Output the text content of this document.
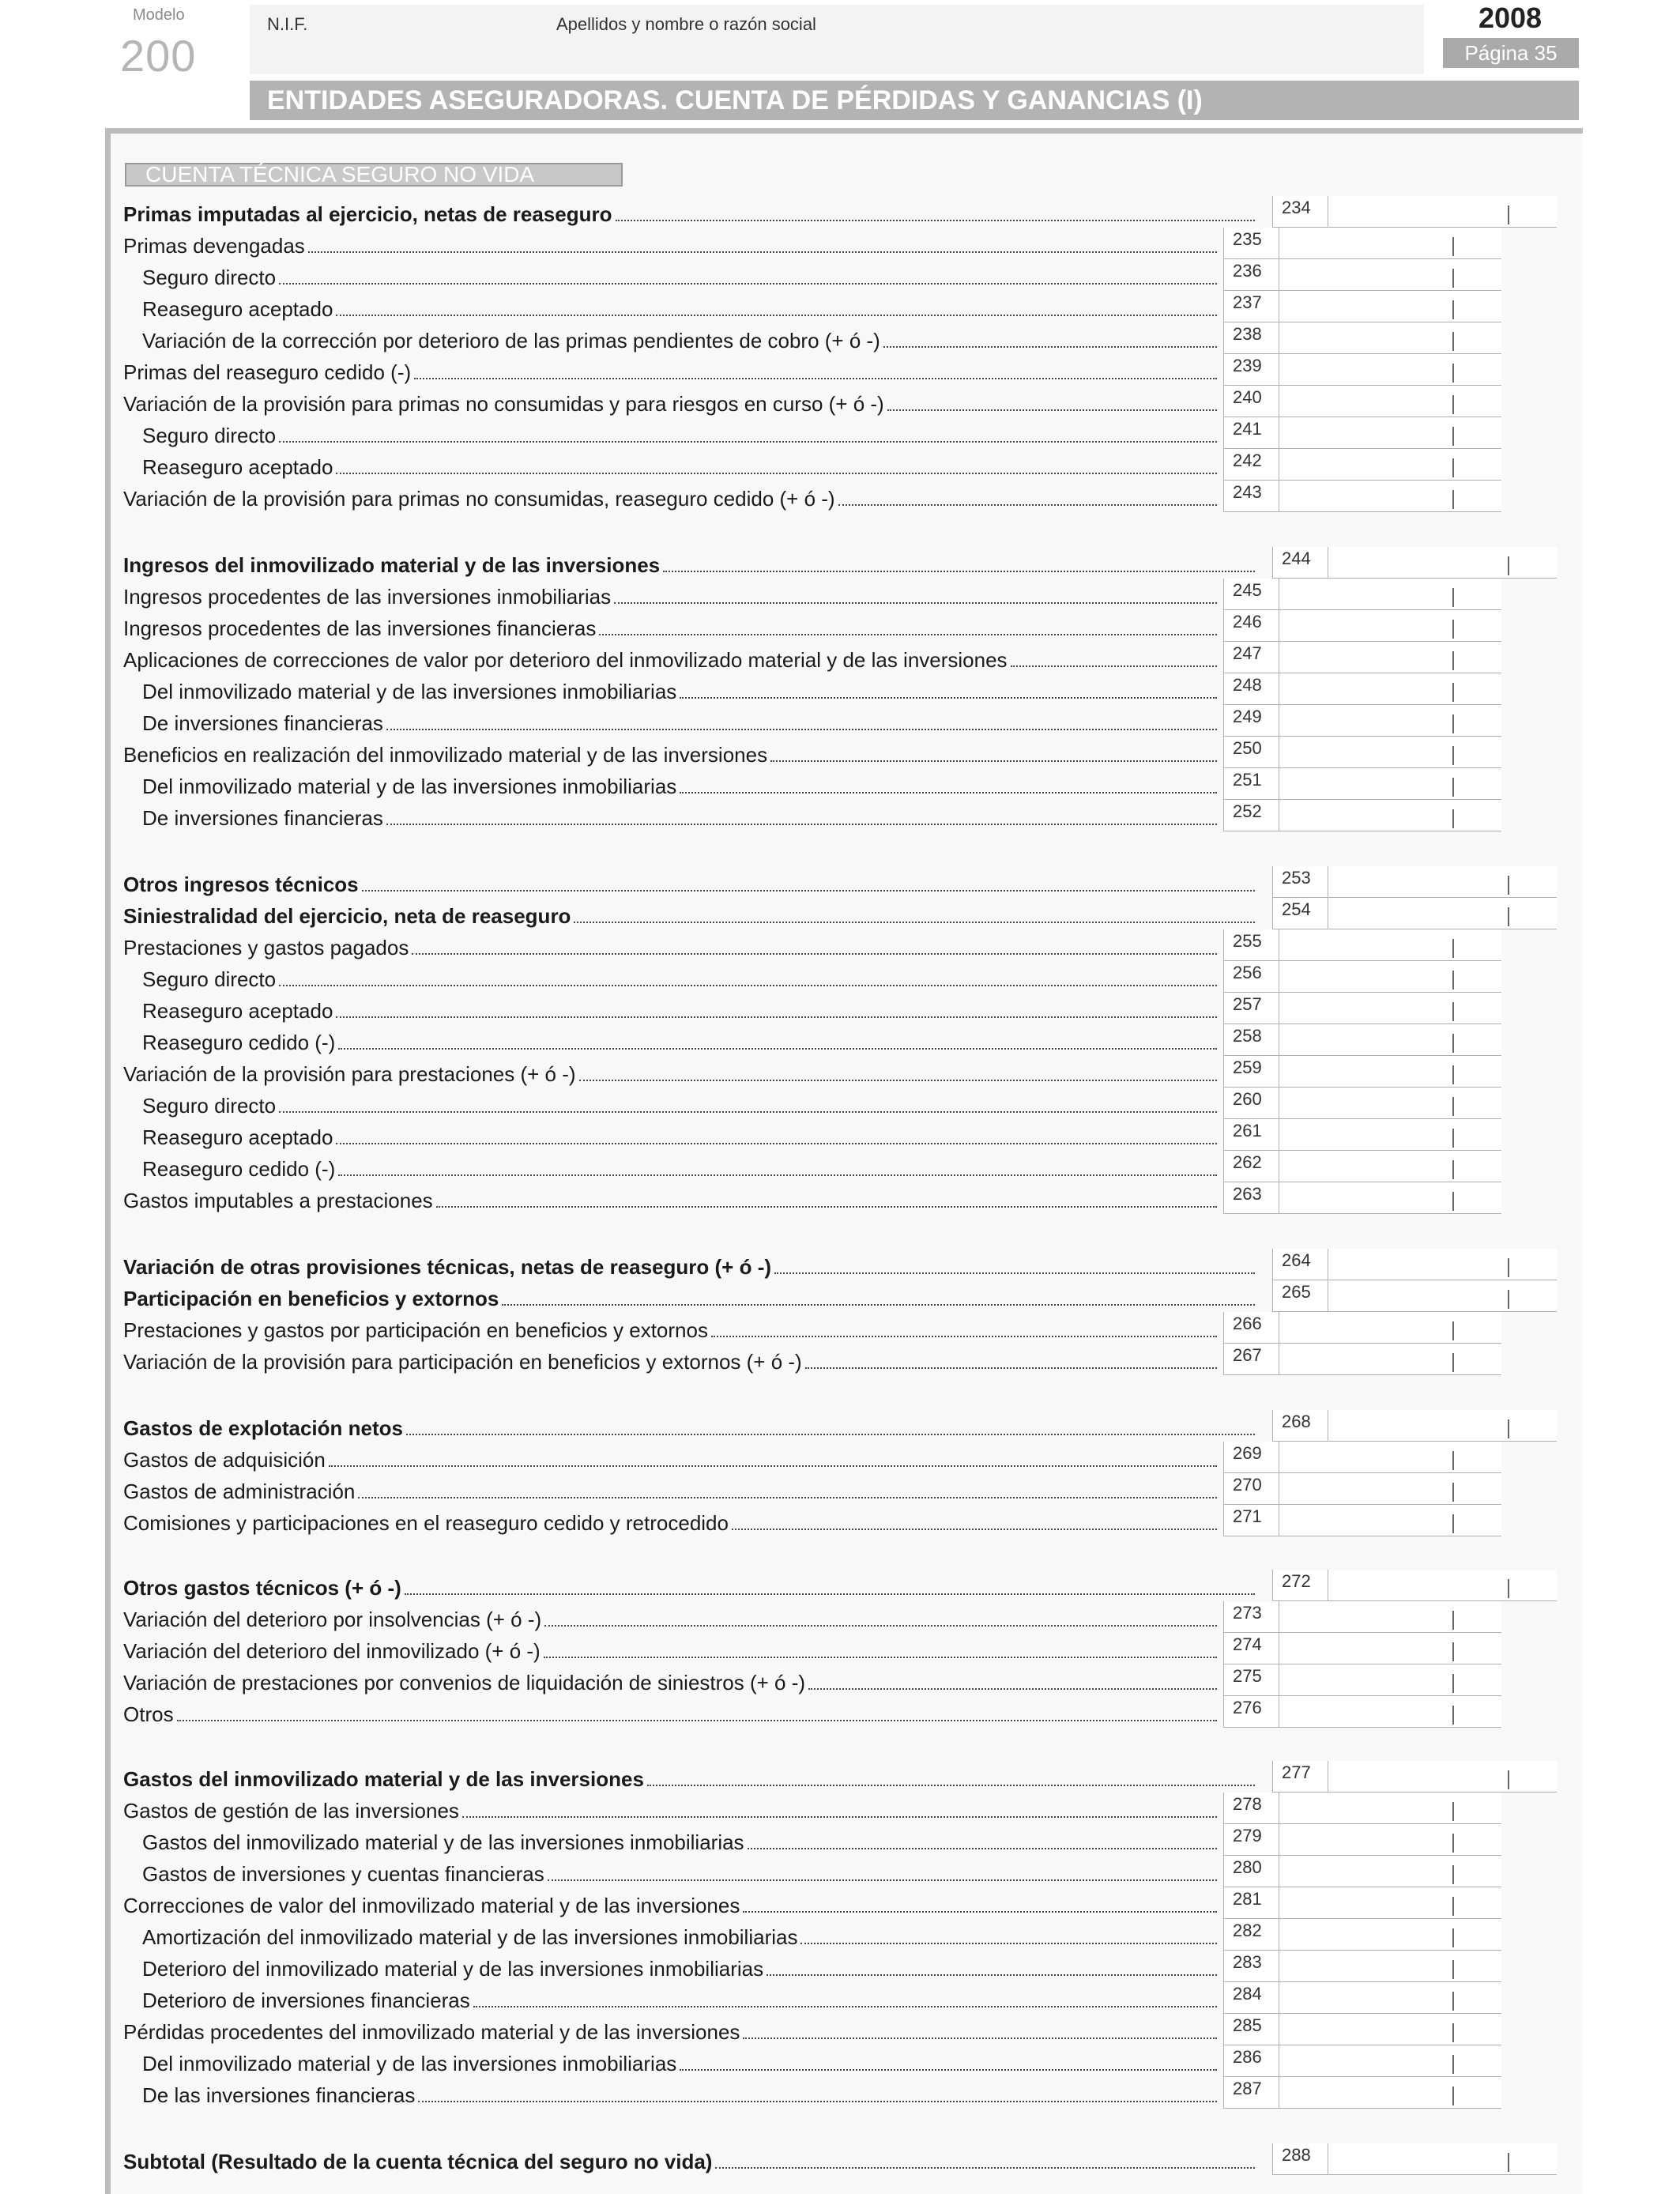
Modelo
200
N.I.F.	Apellidos y nombre o razón social	2008
Página 35
ENTIDADES ASEGURADORAS. CUENTA DE PÉRDIDAS Y GANANCIAS (I)
CUENTA TÉCNICA SEGURO NO VIDA
Primas imputadas al ejercicio, netas de reaseguro	234
Primas devengadas	235
Seguro directo	236
Reaseguro aceptado	237
Variación de la corrección por deterioro de las primas pendientes de cobro (+ ó -)	238
Primas del reaseguro cedido (-)	239
Variación de la provisión para primas no consumidas y para riesgos en curso (+ ó -)	240
Seguro directo	241
Reaseguro aceptado	242
Variación de la provisión para primas no consumidas, reaseguro cedido (+ ó -)	243
Ingresos del inmovilizado material y de las inversiones	244
Ingresos procedentes de las inversiones inmobiliarias	245
Ingresos procedentes de las inversiones financieras	246
Aplicaciones de correcciones de valor por deterioro del inmovilizado material y de las inversiones	247
Del inmovilizado material y de las inversiones inmobiliarias	248
De inversiones financieras	249
Beneficios en realización del inmovilizado material y de las inversiones	250
Del inmovilizado material y de las inversiones inmobiliarias	251
De inversiones financieras	252
Otros ingresos técnicos	253
Siniestralidad del ejercicio, neta de reaseguro	254
Prestaciones y gastos pagados	255
Seguro directo	256
Reaseguro aceptado	257
Reaseguro cedido (-)	258
Variación de la provisión para prestaciones (+ ó -)	259
Seguro directo	260
Reaseguro aceptado	261
Reaseguro cedido (-)	262
Gastos imputables a prestaciones	263
Variación de otras provisiones técnicas, netas de reaseguro (+ ó -)	264
Participación en beneficios y extornos	265
Prestaciones y gastos por participación en beneficios y extornos	266
Variación de la provisión para participación en beneficios y extornos (+ ó -)	267
Gastos de explotación netos	268
Gastos de adquisición	269
Gastos de administración	270
Comisiones y participaciones en el reaseguro cedido y retrocedido	271
Otros gastos técnicos (+ ó -)	272
Variación del deterioro por insolvencias (+ ó -)	273
Variación del deterioro del inmovilizado (+ ó -)	274
Variación de prestaciones por convenios de liquidación de siniestros (+ ó -)	275
Otros	276
Gastos del inmovilizado material y de las inversiones	277
Gastos de gestión de las inversiones	278
Gastos del inmovilizado material y de las inversiones inmobiliarias	279
Gastos de inversiones y cuentas financieras	280
Correcciones de valor del inmovilizado material y de las inversiones	281
Amortización del inmovilizado material y de las inversiones inmobiliarias	282
Deterioro del inmovilizado material y de las inversiones inmobiliarias	283
Deterioro de inversiones financieras	284
Pérdidas procedentes del inmovilizado material y de las inversiones	285
Del inmovilizado material y de las inversiones inmobiliarias	286
De las inversiones financieras	287
Subtotal (Resultado de la cuenta técnica del seguro no vida)	288
